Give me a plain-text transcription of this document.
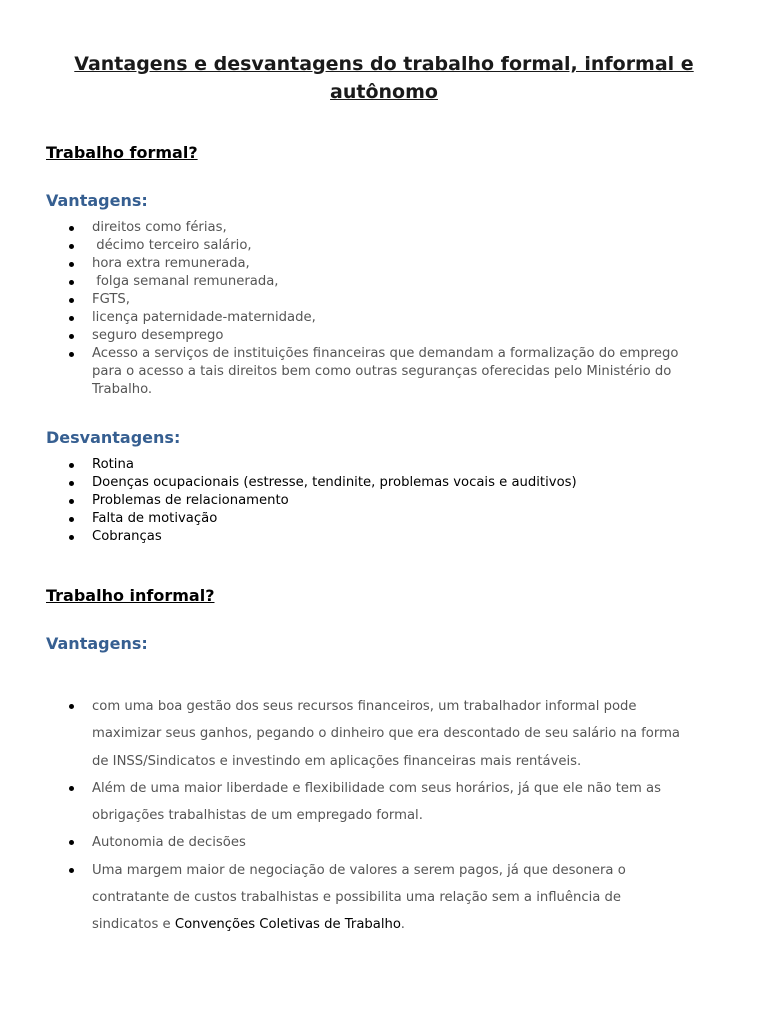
Vantagens e desvantagens do trabalho formal, informal e autônomo
Trabalho formal?
Vantagens:
direitos como férias,
décimo terceiro salário,
hora extra remunerada,
folga semanal remunerada,
FGTS,
licença paternidade-maternidade,
seguro desemprego
Acesso a serviços de instituições financeiras que demandam a formalização do emprego para o acesso a tais direitos bem como outras seguranças oferecidas pelo Ministério do Trabalho.
Desvantagens:
Rotina
Doenças ocupacionais (estresse, tendinite, problemas vocais e auditivos)
Problemas de relacionamento
Falta de motivação
Cobranças
Trabalho informal?
Vantagens:
com uma boa gestão dos seus recursos financeiros, um trabalhador informal pode maximizar seus ganhos, pegando o dinheiro que era descontado de seu salário na forma de INSS/Sindicatos e investindo em aplicações financeiras mais rentáveis.
Além de uma maior liberdade e flexibilidade com seus horários, já que ele não tem as obrigações trabalhistas de um empregado formal.
Autonomia de decisões
Uma margem maior de negociação de valores a serem pagos, já que desonera o contratante de custos trabalhistas e possibilita uma relação sem a influência de sindicatos e Convenções Coletivas de Trabalho.
